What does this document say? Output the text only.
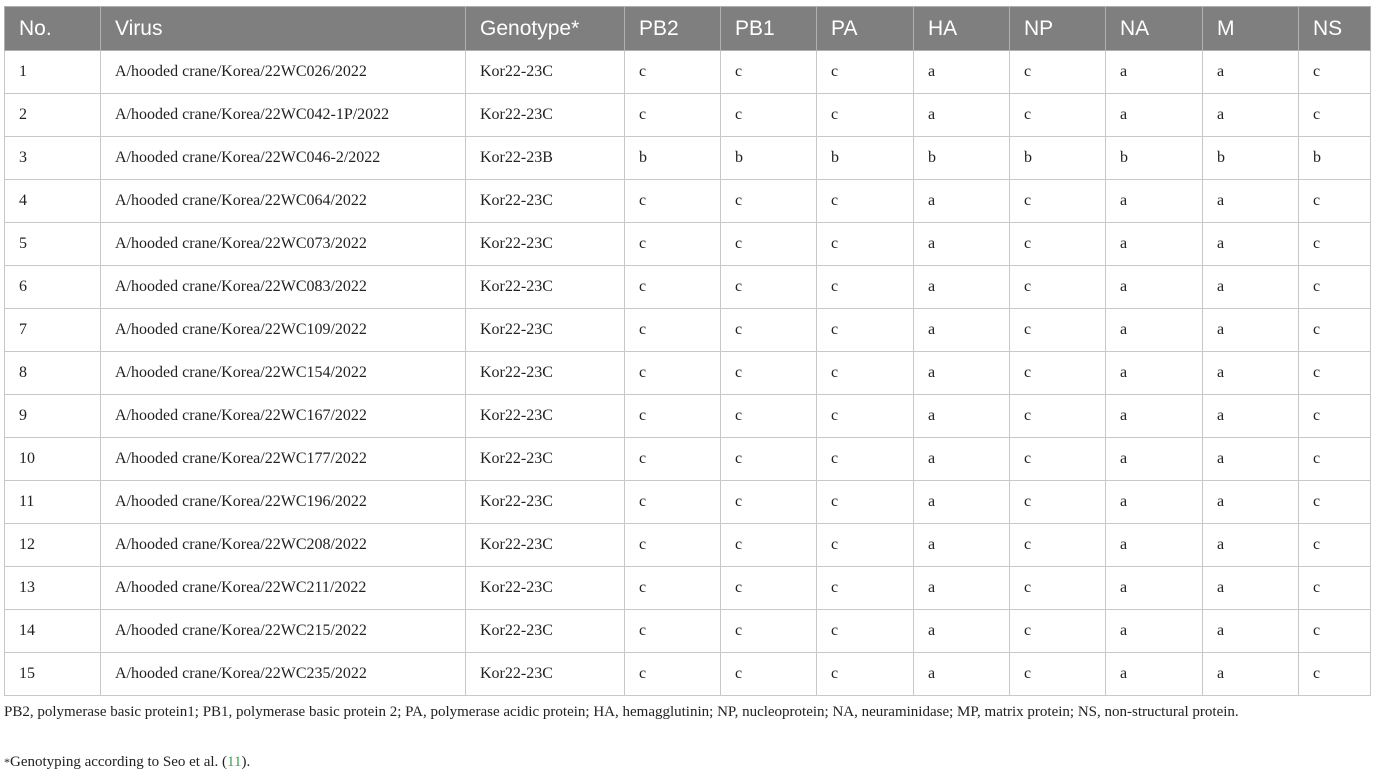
No.	Virus	Genotype*	PB2	PB1	PA	HA	NP	NA	M	NS
1	A/hooded crane/Korea/22WC026/2022	Kor22-23C	c	c	c	a	c	a	a	c
2	A/hooded crane/Korea/22WC042-1P/2022	Kor22-23C	c	c	c	a	c	a	a	c
3	A/hooded crane/Korea/22WC046-2/2022	Kor22-23B	b	b	b	b	b	b	b	b
4	A/hooded crane/Korea/22WC064/2022	Kor22-23C	c	c	c	a	c	a	a	c
5	A/hooded crane/Korea/22WC073/2022	Kor22-23C	c	c	c	a	c	a	a	c
6	A/hooded crane/Korea/22WC083/2022	Kor22-23C	c	c	c	a	c	a	a	c
7	A/hooded crane/Korea/22WC109/2022	Kor22-23C	c	c	c	a	c	a	a	c
8	A/hooded crane/Korea/22WC154/2022	Kor22-23C	c	c	c	a	c	a	a	c
9	A/hooded crane/Korea/22WC167/2022	Kor22-23C	c	c	c	a	c	a	a	c
10	A/hooded crane/Korea/22WC177/2022	Kor22-23C	c	c	c	a	c	a	a	c
11	A/hooded crane/Korea/22WC196/2022	Kor22-23C	c	c	c	a	c	a	a	c
12	A/hooded crane/Korea/22WC208/2022	Kor22-23C	c	c	c	a	c	a	a	c
13	A/hooded crane/Korea/22WC211/2022	Kor22-23C	c	c	c	a	c	a	a	c
14	A/hooded crane/Korea/22WC215/2022	Kor22-23C	c	c	c	a	c	a	a	c
15	A/hooded crane/Korea/22WC235/2022	Kor22-23C	c	c	c	a	c	a	a	c
PB2, polymerase basic protein1; PB1, polymerase basic protein 2; PA, polymerase acidic protein; HA, hemagglutinin; NP, nucleoprotein; NA, neuraminidase; MP, matrix protein; NS, non-structural protein.
*Genotyping according to Seo et al. (11).
